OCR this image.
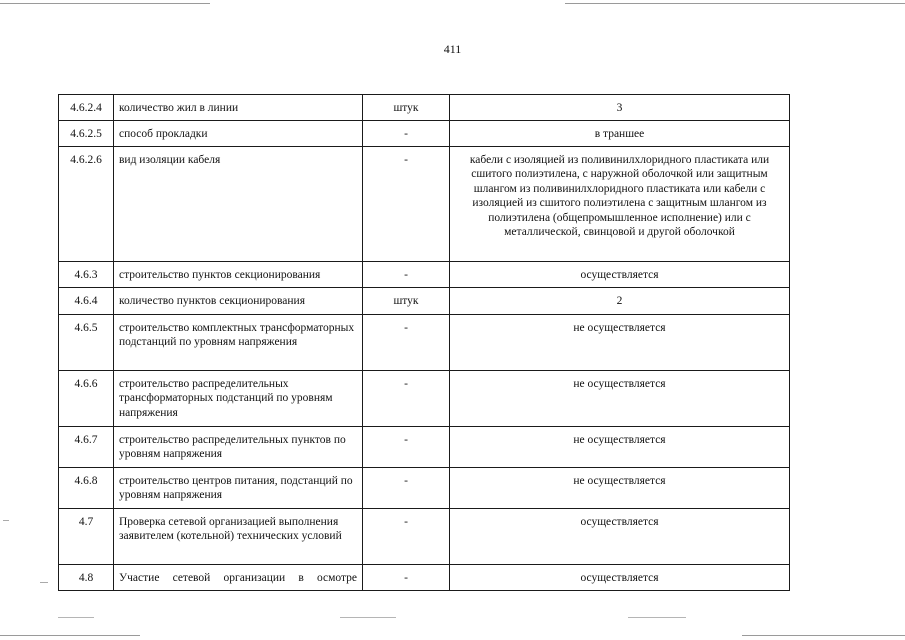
411
4.6.2.4	количество жил в линии	штук	3
4.6.2.5	способ прокладки	-	в траншее
4.6.2.6	вид изоляции кабеля	-	кабели с изоляцией из поливинилхлоридного пластиката или сшитого полиэтилена, с наружной оболочкой или защитным шлангом из поливинилхлоридного пластиката или кабели с изоляцией из сшитого полиэтилена с защитным шлангом из полиэтилена (общепромышленное исполнение) или с металлической, свинцовой и другой оболочкой
4.6.3	строительство пунктов секционирования	-	осуществляется
4.6.4	количество пунктов секционирования	штук	2
4.6.5	строительство комплектных трансформаторных подстанций по уровням напряжения	-	не осуществляется
4.6.6	строительство распределительных трансформаторных подстанций по уровням напряжения	-	не осуществляется
4.6.7	строительство распределительных пунктов по уровням напряжения	-	не осуществляется
4.6.8	строительство центров питания, подстанций по уровням напряжения	-	не осуществляется
4.7	Проверка сетевой организацией выполнения заявителем (котельной) технических условий	-	осуществляется
4.8	Участие сетевой организации в осмотре	-	осуществляется
